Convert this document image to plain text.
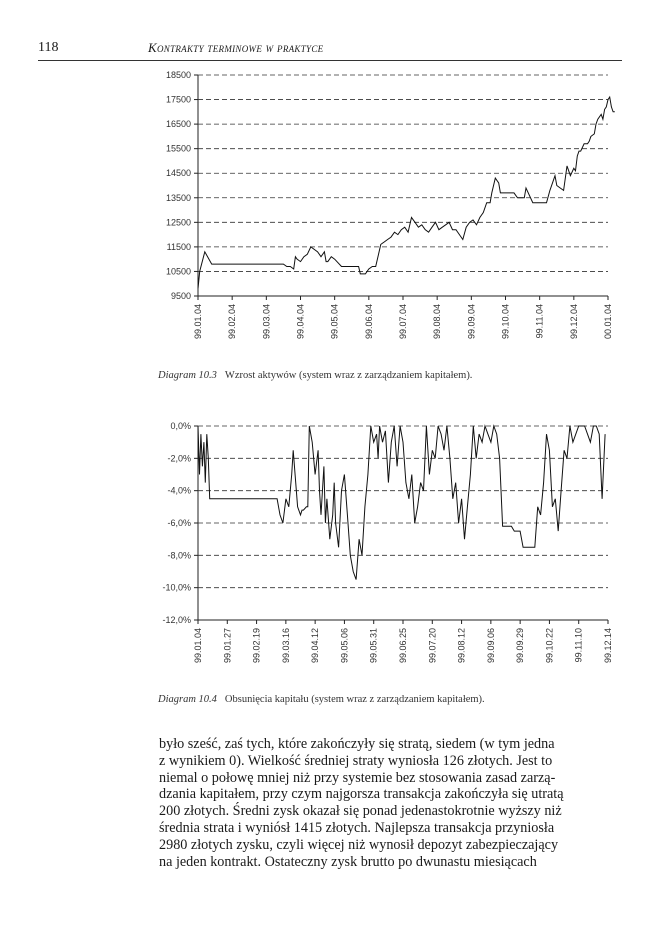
118	Kontrakty terminowe w praktyce
18500
17500
16500
15500
14500
13500
12500
11500
10500
9500
99.01.04	99.02.04	99.03.04	99.04.04	99.05.04	99.06.04	99.07.04	99.08.04	99.09.04	99.10.04	99.11.04	99.12.04	00.01.04
Diagram 10.3 Wzrost aktywów (system wraz z zarządzaniem kapitałem).
0,0%
-2,0%
-4,0%
-6,0%
-8,0%
-10,0%
-12,0%
99.01.04 99.01.27 99.02.19 99.03.16 99.04.12 99.05.06 99.05.31 99.06.25 99.07.20 99.08.12 99.09.06 99.09.29 99.10.22 99.11.10 99.12.14
Diagram 10.4 Obsunięcia kapitału (system wraz z zarządzaniem kapitałem).

było sześć, zaś tych, które zakończyły się stratą, siedem (w tym jedna

z wynikiem 0). Wielkość średniej straty wyniosła 126 złotych. Jest to

niemal o połowę mniej niż przy systemie bez stosowania zasad zarzą-

dzania kapitałem, przy czym najgorsza transakcja zakończyła się utratą

200 złotych. Średni zysk okazał się ponad jedenastokrotnie wyższy niż

średnia strata i wyniósł 1415 złotych. Najlepsza transakcja przyniosła

2980 złotych zysku, czyli więcej niż wynosił depozyt zabezpieczający

na jeden kontrakt. Ostateczny zysk brutto po dwunastu miesiącach
